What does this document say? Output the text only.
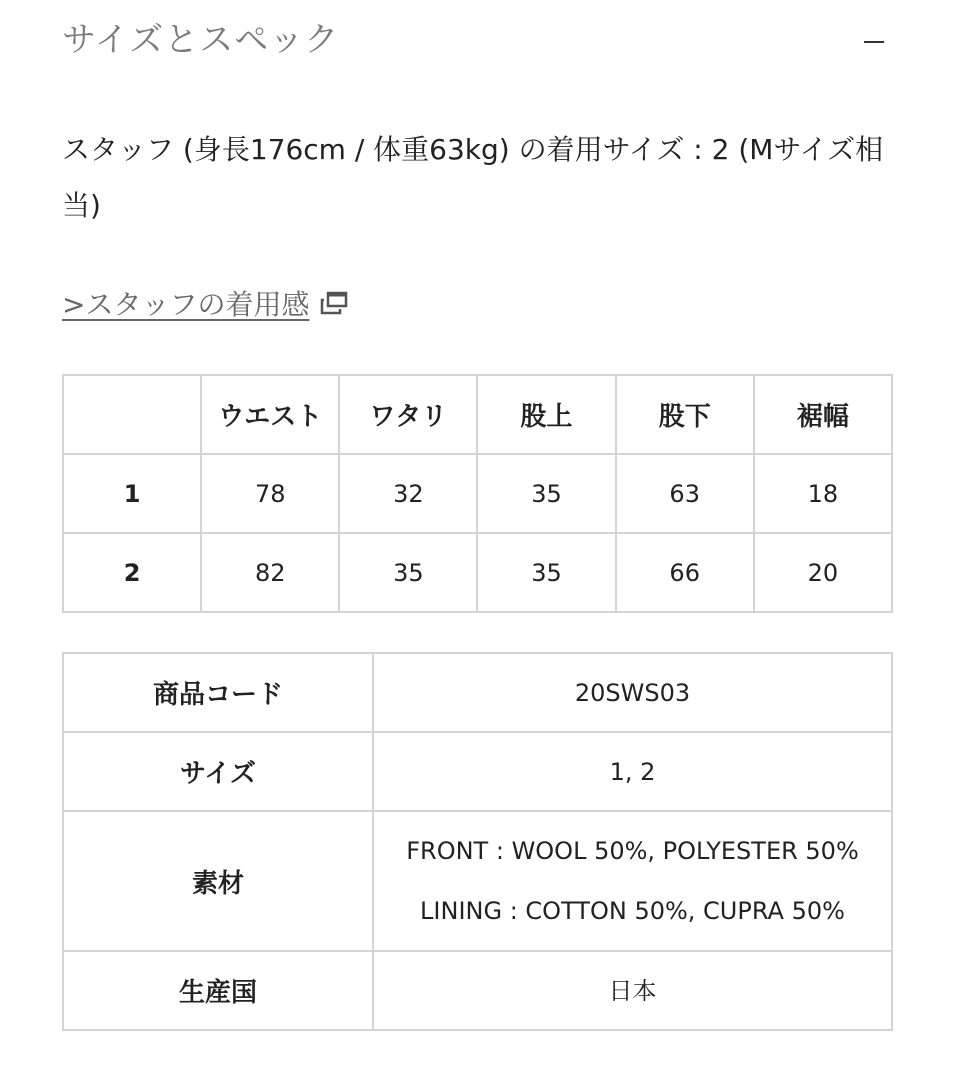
サイズとスペック
スタッフ (身長176cm / 体重63kg) の着用サイズ : 2 (Mサイズ相当)
>スタッフの着用感
	ウエスト	ワタリ	股上	股下	裾幅
1	78	32	35	63	18
2	82	35	35	66	20
商品コード	20SWS03
サイズ	1, 2
素材	FRONT : WOOL 50%, POLYESTER 50%
LINING : COTTON 50%, CUPRA 50%

生産国	日本
